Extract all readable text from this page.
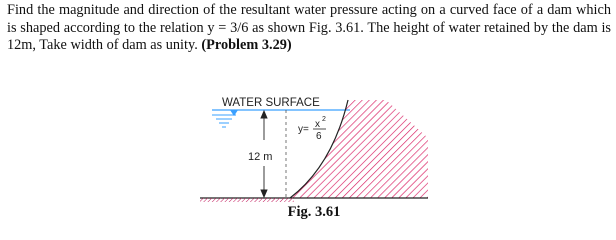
Find the magnitude and direction of the resultant water pressure acting on a curved face of a dam which is shaped according to the relation y = 3/6 as shown Fig. 3.61. The height of water retained by the dam is 12m, Take width of dam as unity. (Problem 3.29)
WATER SURFACE
12 m
y= x 2
6
Fig. 3.61
